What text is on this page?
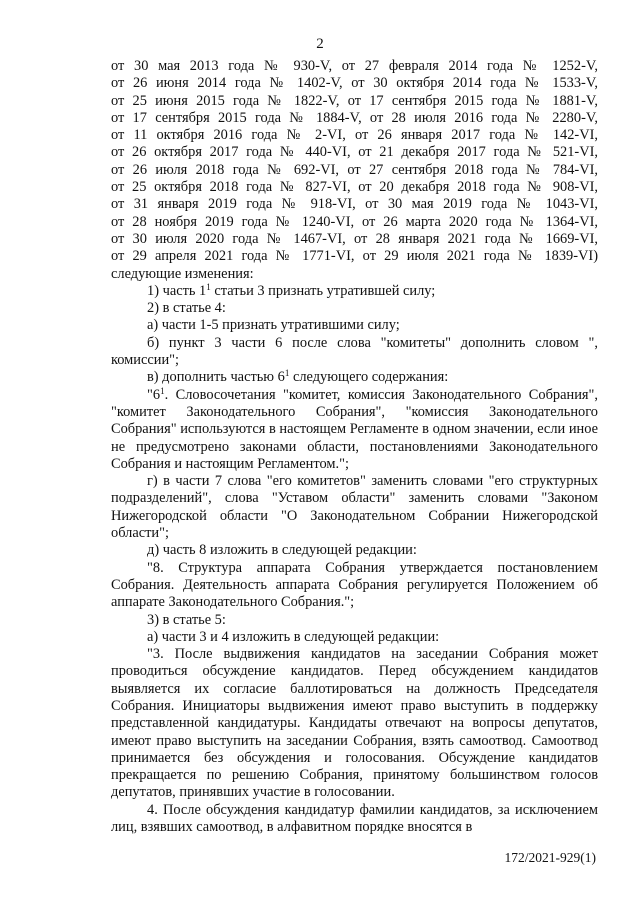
2

от 30 мая 2013 года № 930-V, от 27 февраля 2014 года № 1252-V,

от 26 июня 2014 года № 1402-V, от 30 октября 2014 года № 1533-V,

от 25 июня 2015 года № 1822-V, от 17 сентября 2015 года № 1881-V,

от 17 сентября 2015 года № 1884-V, от 28 июля 2016 года № 2280-V,

от 11 октября 2016 года № 2-VI, от 26 января 2017 года № 142-VI,

от 26 октября 2017 года № 440-VI, от 21 декабря 2017 года № 521-VI,

от 26 июля 2018 года № 692-VI, от 27 сентября 2018 года № 784-VI,

от 25 октября 2018 года № 827-VI, от 20 декабря 2018 года № 908-VI,

от 31 января 2019 года № 918-VI, от 30 мая 2019 года № 1043-VI,

от 28 ноября 2019 года № 1240-VI, от 26 марта 2020 года № 1364-VI,

от 30 июля 2020 года № 1467-VI, от 28 января 2021 года № 1669-VI,

от 29 апреля 2021 года № 1771-VI, от 29 июля 2021 года № 1839-VI)

следующие изменения:

1) часть $1^1$ статьи 3 признать утратившей силу;

2) в статье 4:

а) части 1-5 признать утратившими силу;

б) пункт 3 части 6 после слова "комитеты" дополнить словом ", комиссии";

в) дополнить частью $6^1$ следующего содержания:

"$6^1$. Словосочетания "комитет, комиссия Законодательного Собрания", "комитет Законодательного Собрания", "комиссия Законодательного Собрания" используются в настоящем Регламенте в одном значении, если иное не предусмотрено законами области, постановлениями Законодательного Собрания и настоящим Регламентом.";

г) в части 7 слова "его комитетов" заменить словами "его структурных подразделений", слова "Уставом области" заменить словами "Законом Нижегородской области "О Законодательном Собрании Нижегородской области";

д) часть 8 изложить в следующей редакции:

"8. Структура аппарата Собрания утверждается постановлением Собрания. Деятельность аппарата Собрания регулируется Положением об аппарате Законодательного Собрания.";

3) в статье 5:

а) части 3 и 4 изложить в следующей редакции:

"3. После выдвижения кандидатов на заседании Собрания может проводиться обсуждение кандидатов. Перед обсуждением кандидатов выявляется их согласие баллотироваться на должность Председателя Собрания. Инициаторы выдвижения имеют право выступить в поддержку представленной кандидатуры. Кандидаты отвечают на вопросы депутатов, имеют право выступить на заседании Собрания, взять самоотвод. Самоотвод принимается без обсуждения и голосования. Обсуждение кандидатов прекращается по решению Собрания, принятому большинством голосов депутатов, принявших участие в голосовании.

4. После обсуждения кандидатур фамилии кандидатов, за исключением лиц, взявших самоотвод, в алфавитном порядке вносятся в

172/2021-929(1)
